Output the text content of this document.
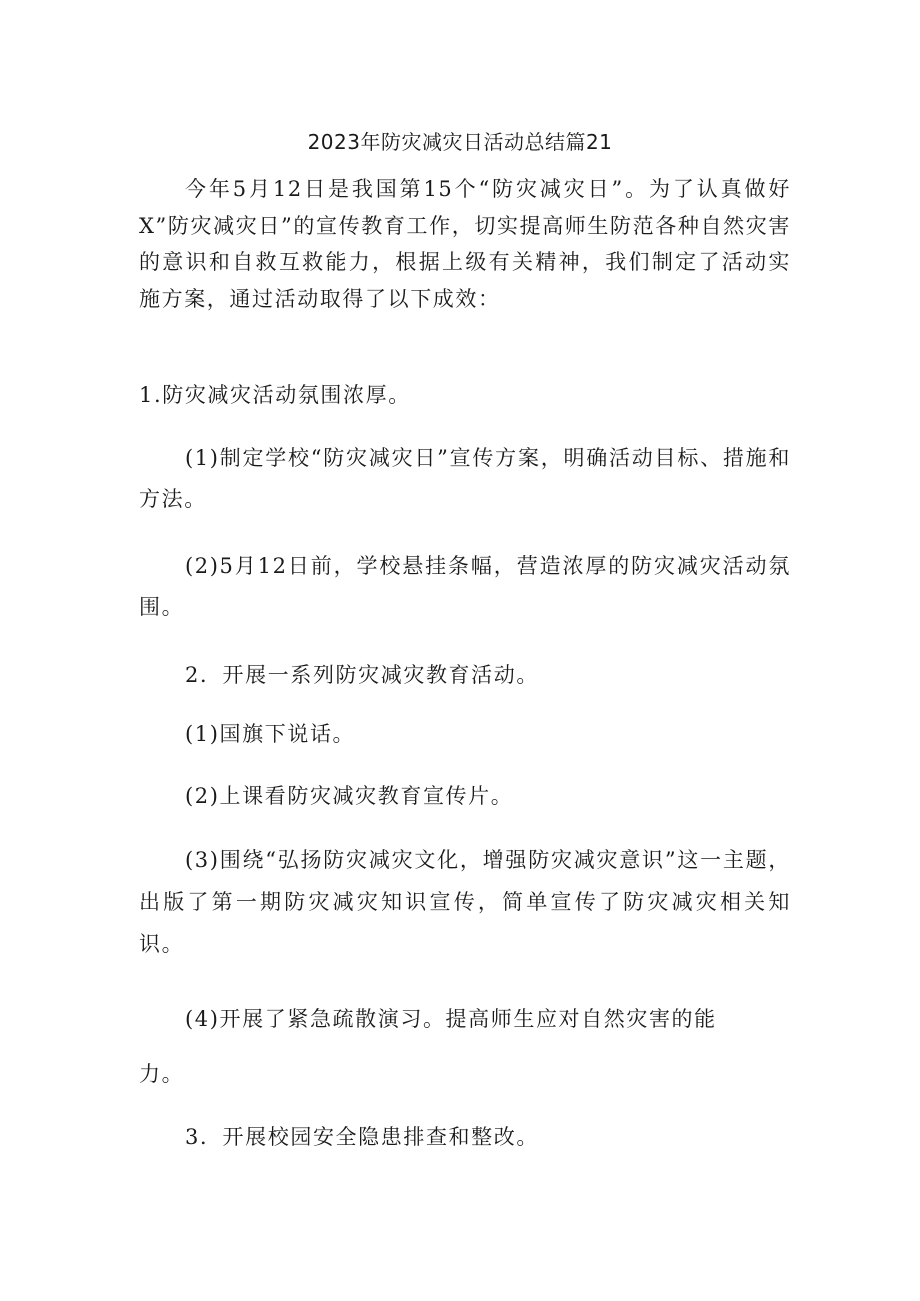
2023年防灾减灾日活动总结篇21

今年5月12日是我国第15个“防灾减灾日”。为了认真做好X”防灾减灾日”的宣传教育工作，切实提高师生防范各种自然灾害的意识和自救互救能力，根据上级有关精神，我们制定了活动实施方案，通过活动取得了以下成效：

1.防灾减灾活动氛围浓厚。

(1)制定学校“防灾减灾日”宣传方案，明确活动目标、措施和方法。

(2)5月12日前，学校悬挂条幅，营造浓厚的防灾减灾活动氛围。

2．开展一系列防灾减灾教育活动。

(1)国旗下说话。

(2)上课看防灾减灾教育宣传片。

(3)围绕“弘扬防灾减灾文化，增强防灾减灾意识”这一主题，出版了第一期防灾减灾知识宣传，简单宣传了防灾减灾相关知识。

(4)开展了紧急疏散演习。提高师生应对自然灾害的能

力。

3．开展校园安全隐患排查和整改。
